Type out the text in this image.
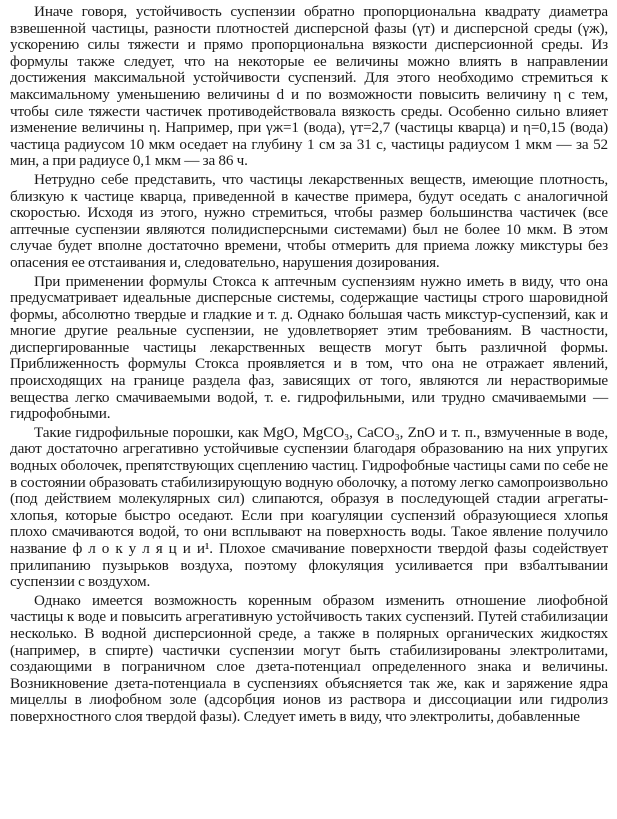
Иначе говоря, устойчивость суспензии обратно пропорциональна квадрату диаметра взвешенной частицы, разности плотностей дисперсной фазы (γт) и дисперсной среды (γж), ускорению силы тяжести и прямо пропорциональна вязкости дисперсионной среды. Из формулы также следует, что на некоторые ее величины можно влиять в направлении достижения максимальной устойчивости суспензий. Для этого необходимо стремиться к максимальному уменьшению величины d и по возможности повысить величину η с тем, чтобы силе тяжести частичек противодействовала вязкость среды. Особенно сильно влияет изменение величины η. Например, при γж=1 (вода), γт=2,7 (частицы кварца) и η=0,15 (вода) частица радиусом 10 мкм оседает на глубину 1 см за 31 с, частицы радиусом 1 мкм — за 52 мин, а при радиусе 0,1 мкм — за 86 ч.

Нетрудно себе представить, что частицы лекарственных веществ, имеющие плотность, близкую к частице кварца, приведенной в качестве примера, будут оседать с аналогичной скоростью. Исходя из этого, нужно стремиться, чтобы размер большинства частичек (все аптечные суспензии являются полидисперсными системами) был не более 10 мкм. В этом случае будет вполне достаточно времени, чтобы отмерить для приема ложку микстуры без опасения ее отстаивания и, следовательно, нарушения дозирования.

При применении формулы Стокса к аптечным суспензиям нужно иметь в виду, что она предусматривает идеальные дисперсные системы, содержащие частицы строго шаровидной формы, абсолютно твердые и гладкие и т. д. Однако бо́льшая часть микстур-суспензий, как и многие другие реальные суспензии, не удовлетворяет этим требованиям. В частности, диспергированные частицы лекарственных веществ могут быть различной формы. Приближенность формулы Стокса проявляется и в том, что она не отражает явлений, происходящих на границе раздела фаз, зависящих от того, являются ли нерастворимые вещества легко смачиваемыми водой, т. е. гидрофильными, или трудно смачиваемыми — гидрофобными.

Такие гидрофильные порошки, как MgO, MgCO₃, CaCO₃, ZnO и т. п., взмученные в воде, дают достаточно агрегативно устойчивые суспензии благодаря образованию на них упругих водных оболочек, препятствующих сцеплению частиц. Гидрофобные частицы сами по себе не в состоянии образовать стабилизирующую водную оболочку, а потому легко самопроизвольно (под действием молекулярных сил) слипаются, образуя в последующей стадии агрегаты-хлопья, которые быстро оседают. Если при коагуляции суспензий образующиеся хлопья плохо смачиваются водой, то они всплывают на поверхность воды. Такое явление получило название ф л о к у л я ц и и¹. Плохое смачивание поверхности твердой фазы содействует прилипанию пузырьков воздуха, поэтому флокуляция усиливается при взбалтывании суспензии с воздухом.

Однако имеется возможность коренным образом изменить отношение лиофобной частицы к воде и повысить агрегативную устойчивость таких суспензий. Путей стабилизации несколько. В водной дисперсионной среде, а также в полярных органических жидкостях (например, в спирте) частички суспензии могут быть стабилизированы электролитами, создающими в пограничном слое дзета-потенциал определенного знака и величины. Возникновение дзета-потенциала в суспензиях объясняется так же, как и заряжение ядра мицеллы в лиофобном золе (адсорбция ионов из раствора и диссоциации или гидролиз поверхностного слоя твердой фазы). Следует иметь в виду, что электролиты, добавленные
